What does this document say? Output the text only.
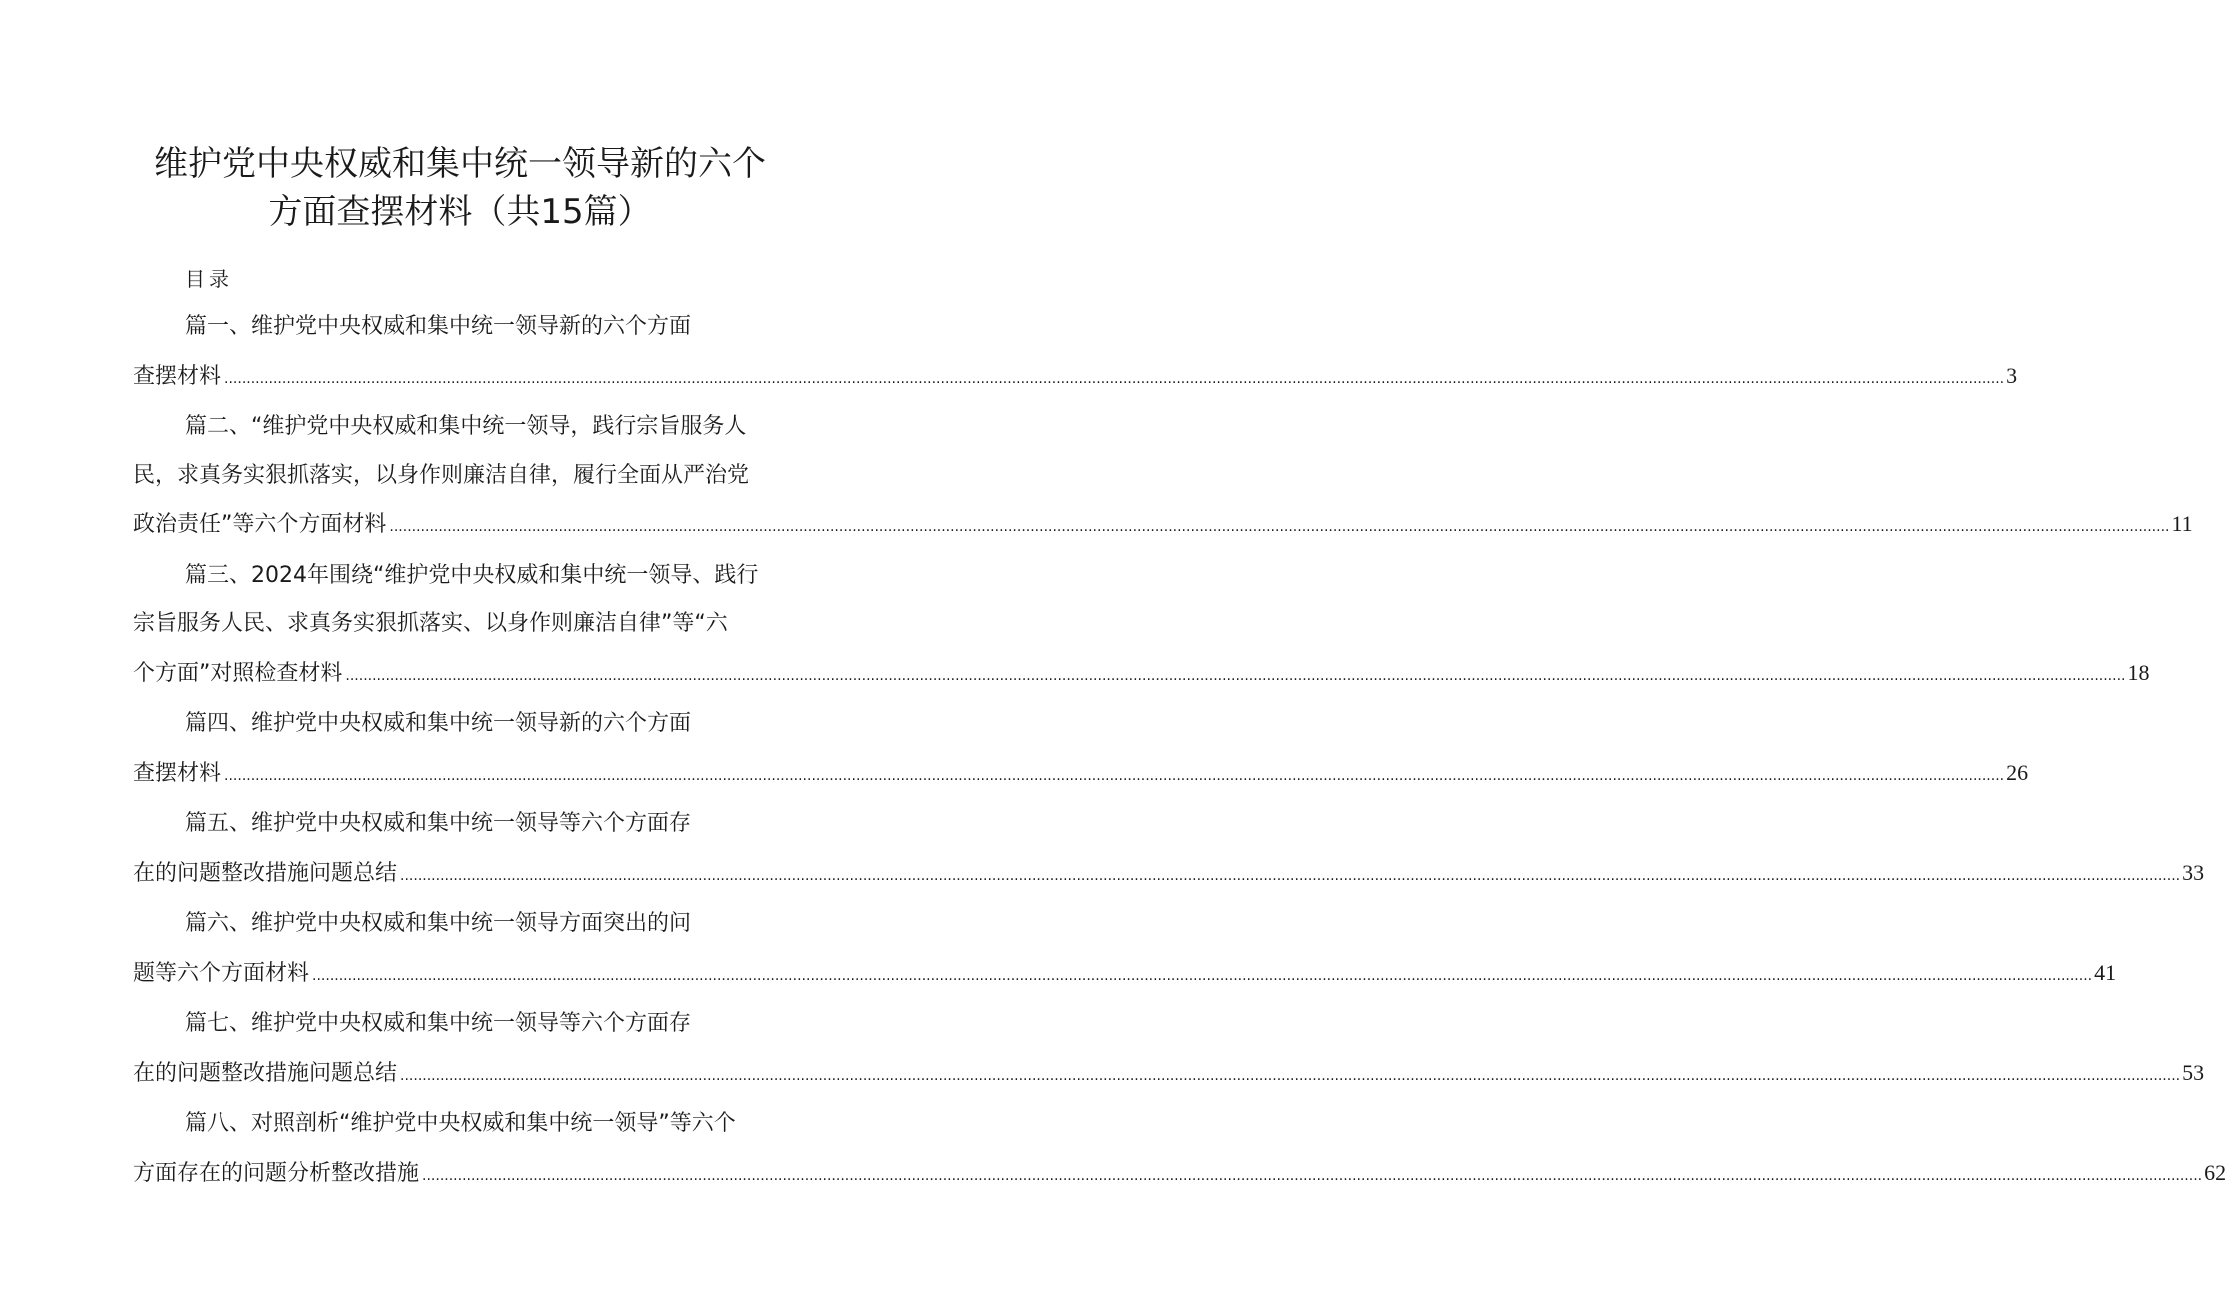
维护党中央权威和集中统一领导新的六个
方面查摆材料（共15篇）
目录
篇一、维护党中央权威和集中统一领导新的六个方面
查摆材料 ................................................................................................................................................................................................................................................................................................................................................................................................................ 3
篇二、“维护党中央权威和集中统一领导，践行宗旨服务人
民，求真务实狠抓落实，以身作则廉洁自律，履行全面从严治党
政治责任”等六个方面材料 ................................................................................................................................................................................................................................................................................................................................................................................................................ 11
篇三、2024年围绕“维护党中央权威和集中统一领导、践行
宗旨服务人民、求真务实狠抓落实、以身作则廉洁自律”等“六
个方面”对照检查材料 ................................................................................................................................................................................................................................................................................................................................................................................................................ 18
篇四、维护党中央权威和集中统一领导新的六个方面
查摆材料 ................................................................................................................................................................................................................................................................................................................................................................................................................ 26
篇五、维护党中央权威和集中统一领导等六个方面存
在的问题整改措施问题总结 ................................................................................................................................................................................................................................................................................................................................................................................................................ 33
篇六、维护党中央权威和集中统一领导方面突出的问
题等六个方面材料 ................................................................................................................................................................................................................................................................................................................................................................................................................ 41
篇七、维护党中央权威和集中统一领导等六个方面存
在的问题整改措施问题总结 ................................................................................................................................................................................................................................................................................................................................................................................................................ 53
篇八、对照剖析“维护党中央权威和集中统一领导”等六个
方面存在的问题分析整改措施 ................................................................................................................................................................................................................................................................................................................................................................................................................ 62
